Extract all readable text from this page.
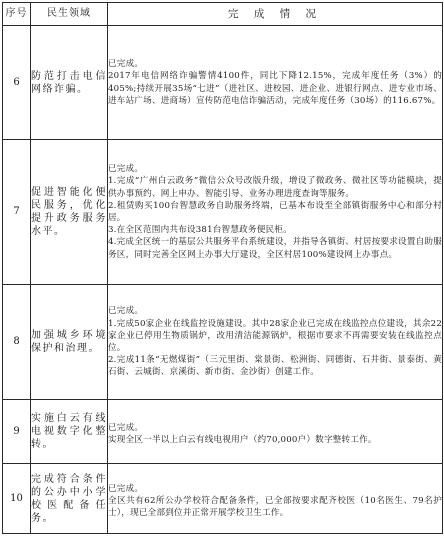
序号	民生领域	完 成 情 况
6	防范打击电信网络诈骗。	已完成。
2017年电信网络诈骗警情4100件，同比下降12.15%，完成年度任务（3%）的405%;持续开展35场“七进”（进社区、进校园、进企业、进银行网点、进专业市场、进车站广场、进商场）宣传防范电信诈骗活动，完成年度任务（30场）的116.67%。

7	促进智能化便民服务，优化提升政务服务水平。	已完成。
1.完成“广州白云政务”微信公众号改版升级，增设了微政务、微社区等功能模块，提供办事预约、网上申办、智能引导、业务办理进度查询等服务。
2.租赁购买100台智慧政务自助服务终端，已基本布设至全部镇街服务中心和部分村居。
3.在全区范围内共布设381台智慧政务便民柜。
4.完成全区统一的基层公共服务平台系统建设，并指导各镇街、村居按要求设置自助服务区，同时完善全区网上办事大厅建设，全区村居100%建设网上办事点。

8	加强城乡环境保护和治理。	已完成。
1.完成50家企业在线监控设施建设。其中28家企业已完成在线监控点位建设，其余22家企业已停用生物质锅炉，改用清洁能源锅炉，根据市要求不再需要安装在线监控点位。
2.完成11条“无燃煤街”（三元里街、棠景街、松洲街、同德街、石井街、景泰街、黄石街、云城街、京溪街、新市街、金沙街）创建工作。

9	实施白云有线电视数字化整转。	已完成。
实现全区一半以上白云有线电视用户（约70,000户）数字整转工作。

10	完成符合条件的公办中小学校医配备任务。	已完成。
全区共有62所公办学校符合配备条件，已全部按要求配齐校医（10名医生、79名护士），现已全部到位并正常开展学校卫生工作。
